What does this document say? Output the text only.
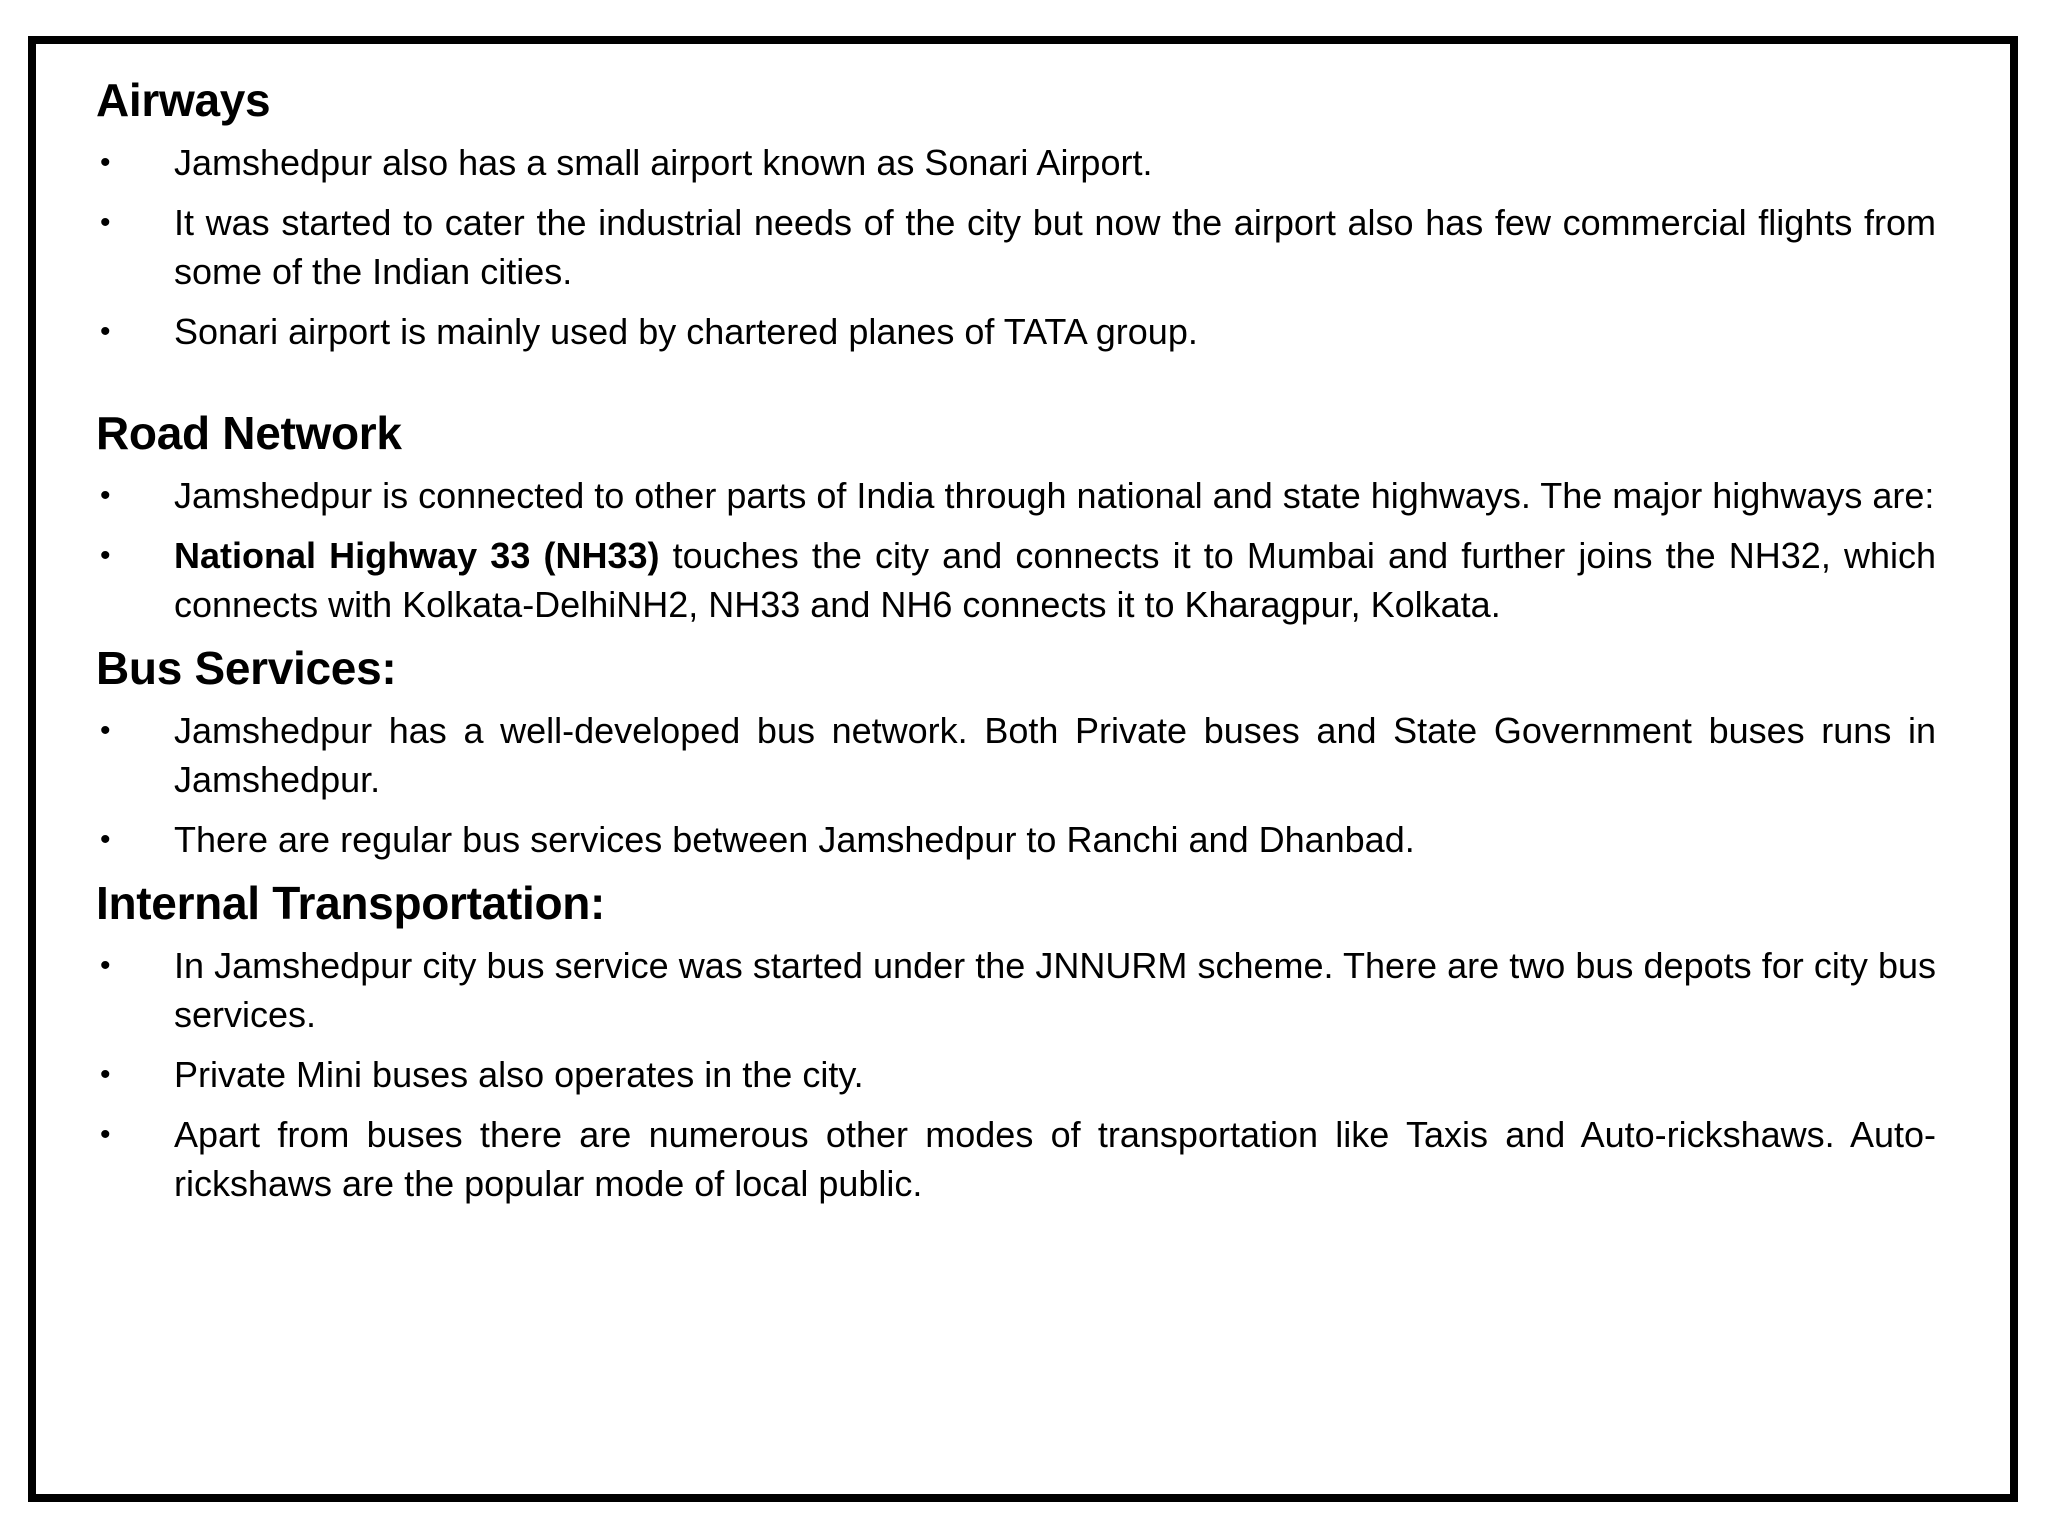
Airways
• Jamshedpur also has a small airport known as Sonari Airport.
• It was started to cater the industrial needs of the city but now the airport also has few commercial flights from some of the Indian cities.
• Sonari airport is mainly used by chartered planes of TATA group.
Road Network
• Jamshedpur is connected to other parts of India through national and state highways. The major highways are:
• National Highway 33 (NH33) touches the city and connects it to Mumbai and further joins the NH32, which connects with Kolkata-DelhiNH2, NH33 and NH6 connects it to Kharagpur, Kolkata.
Bus Services:
• Jamshedpur has a well-developed bus network. Both Private buses and State Government buses runs in Jamshedpur.
• There are regular bus services between Jamshedpur to Ranchi and Dhanbad.
Internal Transportation:
• In Jamshedpur city bus service was started under the JNNURM scheme. There are two bus depots for city bus services.
• Private Mini buses also operates in the city.
• Apart from buses there are numerous other modes of transportation like Taxis and Auto-rickshaws. Auto-rickshaws are the popular mode of local public.
